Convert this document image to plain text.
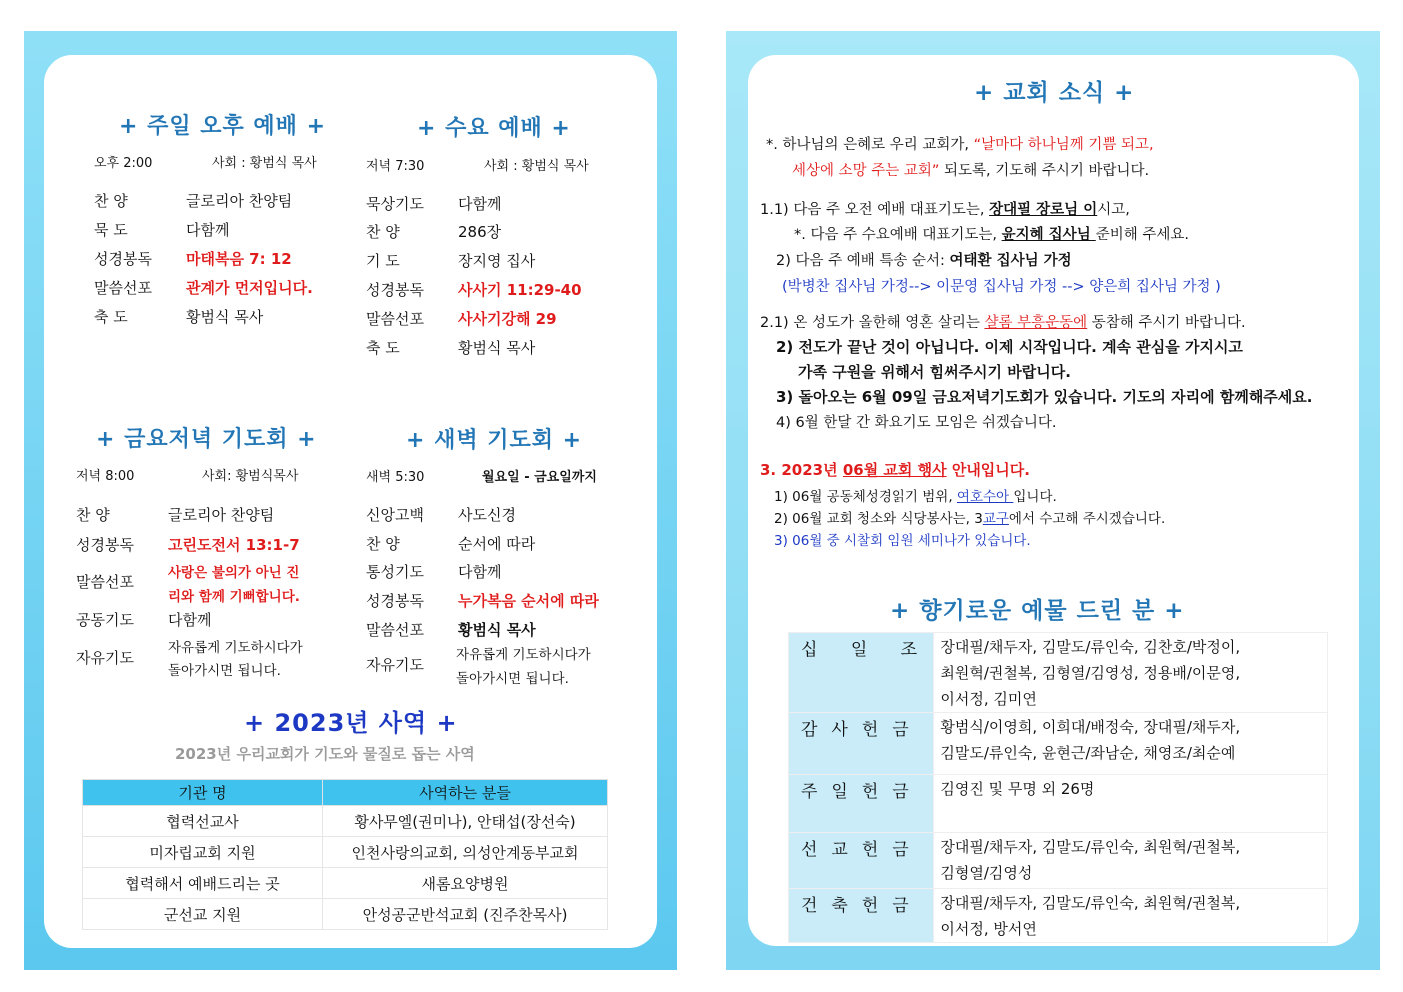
+ 주일 오후 예배 +
오후 2:00	사회 : 황범식 목사
찬 양	글로리아 찬양팀
묵 도	다함께
성경봉독 마태복음 7: 12
말씀선포 관계가 먼저입니다.
축 도	황범식 목사
+ 수요 예배 +
저녁 7:30	사회 : 황범식 목사
묵상기도 다함께
찬 양	286장
기 도	장지영 집사
성경봉독 사사기 11:29-40
말씀선포 사사기강해 29
축 도	황범식 목사
+ 금요저녁 기도회 +
저녁 8:00	사회: 황범식목사
찬 양	글로리아 찬양팀
성경봉독 고린도전서 13:1-7
말씀선포	사랑은 불의가 아닌 진
리와 함께 기뻐합니다.
공동기도 다함께
자유기도
자유롭게 기도하시다가
돌아가시면 됩니다.
+ 새벽 기도회 +
새벽 5:30	월요일 - 금요일까지
신앙고백 사도신경
찬 양	순서에 따라
통성기도 다함께
성경봉독 누가복음 순서에 따라
말씀선포 황범식 목사
자유기도
자유롭게 기도하시다가
돌아가시면 됩니다.
+ 2023년 사역 +
2023년 우리교회가 기도와 물질로 돕는 사역
기관 명	사역하는 분들
협력선교사	황사무엘(권미나), 안태섭(장선숙)
미자립교회 지원	인천사랑의교회, 의성안계동부교회
협력해서 예배드리는 곳	새롬요양병원
군선교 지원	안성공군반석교회 (진주찬목사)
+ 교회 소식 +
*. 하나님의 은혜로 우리 교회가, “날마다 하나님께 기쁨 되고,
세상에 소망 주는 교회” 되도록, 기도해 주시기 바랍니다.
1.1) 다음 주 오전 예배 대표기도는, 장대필 장로님 이시고,
*. 다음 주 수요예배 대표기도는, 윤지혜 집사님 준비해 주세요.
2) 다음 주 예배 특송 순서: 여태환 집사님 가정
(박병찬 집사님 가정--> 이문영 집사님 가정 --> 양은희 집사님 가정 )
2.1) 온 성도가 올한해 영혼 살리는 샬롬 부흥운동에 동참해 주시기 바랍니다.
2) 전도가 끝난 것이 아닙니다. 이제 시작입니다. 계속 관심을 가지시고
가족 구원을 위해서 힘써주시기 바랍니다.
3) 돌아오는 6월 09일 금요저녁기도회가 있습니다. 기도의 자리에 함께해주세요.
4) 6월 한달 간 화요기도 모임은 쉬겠습니다.
3. 2023년 06월 교회 행사 안내입니다.
1) 06월 공동체성경읽기 범위, 여호수아 입니다.
2) 06월 교회 청소와 식당봉사는, 3교구에서 수고해 주시겠습니다.
3) 06월 중 시찰회 임원 세미나가 있습니다.
+ 향기로운 예물 드린 분 +
십 일 조	장대필/채두자, 김말도/류인숙, 김찬호/박정이,
최원혁/권철복, 김형열/김영성, 정용배/이문영,
이서정, 김미연

감사헌금	황범식/이영희, 이희대/배정숙, 장대필/채두자,
김말도/류인숙, 윤현근/좌남순, 채영조/최순예

주일헌금	김영진 및 무명 외 26명

선교헌금	장대필/채두자, 김말도/류인숙, 최원혁/권철복,
김형열/김영성

건축헌금	장대필/채두자, 김말도/류인숙, 최원혁/권철복,
이서정, 방서연
